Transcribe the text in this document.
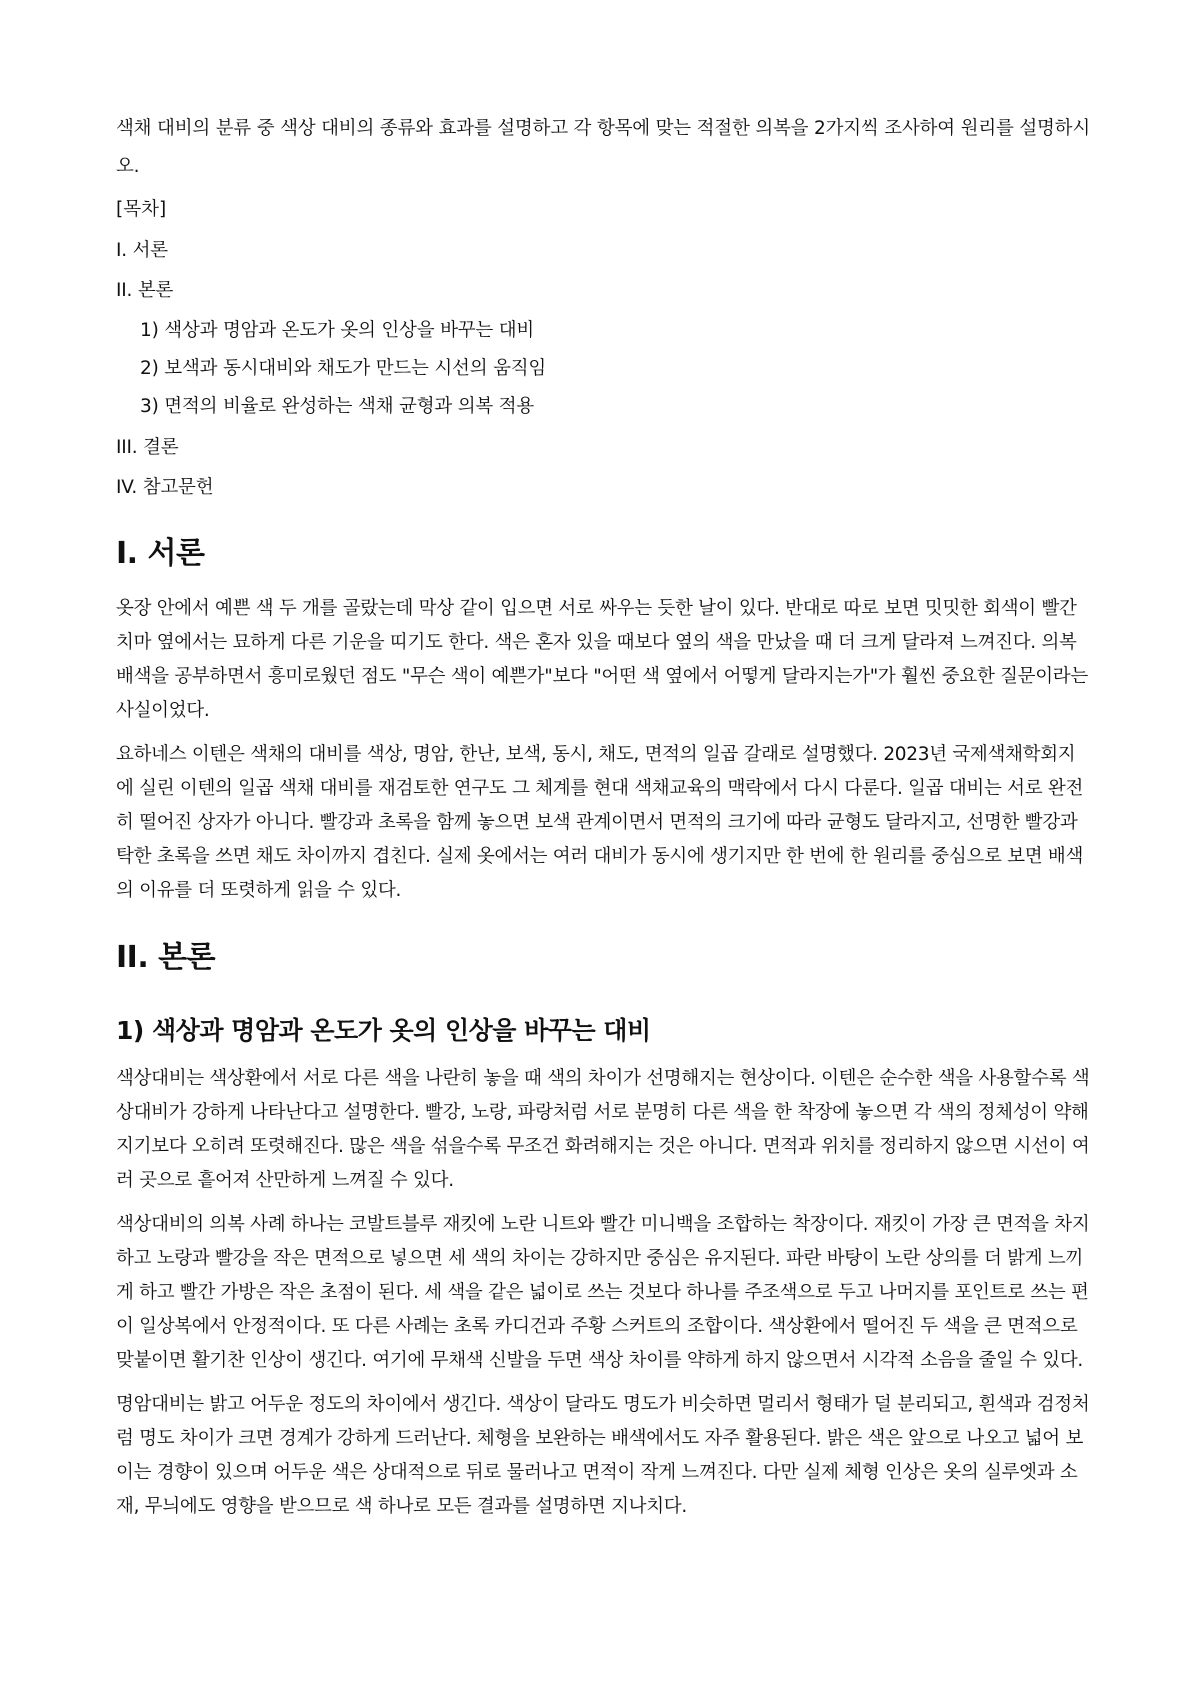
색채 대비의 분류 중 색상 대비의 종류와 효과를 설명하고 각 항목에 맞는 적절한 의복을 2가지씩 조사하여 원리를 설명하시오.

[목차]
I. 서론
II. 본론
1) 색상과 명암과 온도가 옷의 인상을 바꾸는 대비
2) 보색과 동시대비와 채도가 만드는 시선의 움직임
3) 면적의 비율로 완성하는 색채 균형과 의복 적용
III. 결론
IV. 참고문헌
I. 서론

옷장 안에서 예쁜 색 두 개를 골랐는데 막상 같이 입으면 서로 싸우는 듯한 날이 있다. 반대로 따로 보면 밋밋한 회색이 빨간 치마 옆에서는 묘하게 다른 기운을 띠기도 한다. 색은 혼자 있을 때보다 옆의 색을 만났을 때 더 크게 달라져 느껴진다. 의복 배색을 공부하면서 흥미로웠던 점도 "무슨 색이 예쁜가"보다 "어떤 색 옆에서 어떻게 달라지는가"가 훨씬 중요한 질문이라는 사실이었다.

요하네스 이텐은 색채의 대비를 색상, 명암, 한난, 보색, 동시, 채도, 면적의 일곱 갈래로 설명했다. 2023년 국제색채학회지에 실린 이텐의 일곱 색채 대비를 재검토한 연구도 그 체계를 현대 색채교육의 맥락에서 다시 다룬다. 일곱 대비는 서로 완전히 떨어진 상자가 아니다. 빨강과 초록을 함께 놓으면 보색 관계이면서 면적의 크기에 따라 균형도 달라지고, 선명한 빨강과 탁한 초록을 쓰면 채도 차이까지 겹친다. 실제 옷에서는 여러 대비가 동시에 생기지만 한 번에 한 원리를 중심으로 보면 배색의 이유를 더 또렷하게 읽을 수 있다.

II. 본론
1) 색상과 명암과 온도가 옷의 인상을 바꾸는 대비

색상대비는 색상환에서 서로 다른 색을 나란히 놓을 때 색의 차이가 선명해지는 현상이다. 이텐은 순수한 색을 사용할수록 색상대비가 강하게 나타난다고 설명한다. 빨강, 노랑, 파랑처럼 서로 분명히 다른 색을 한 착장에 놓으면 각 색의 정체성이 약해지기보다 오히려 또렷해진다. 많은 색을 섞을수록 무조건 화려해지는 것은 아니다. 면적과 위치를 정리하지 않으면 시선이 여러 곳으로 흩어져 산만하게 느껴질 수 있다.

색상대비의 의복 사례 하나는 코발트블루 재킷에 노란 니트와 빨간 미니백을 조합하는 착장이다. 재킷이 가장 큰 면적을 차지하고 노랑과 빨강을 작은 면적으로 넣으면 세 색의 차이는 강하지만 중심은 유지된다. 파란 바탕이 노란 상의를 더 밝게 느끼게 하고 빨간 가방은 작은 초점이 된다. 세 색을 같은 넓이로 쓰는 것보다 하나를 주조색으로 두고 나머지를 포인트로 쓰는 편이 일상복에서 안정적이다. 또 다른 사례는 초록 카디건과 주황 스커트의 조합이다. 색상환에서 떨어진 두 색을 큰 면적으로 맞붙이면 활기찬 인상이 생긴다. 여기에 무채색 신발을 두면 색상 차이를 약하게 하지 않으면서 시각적 소음을 줄일 수 있다.

명암대비는 밝고 어두운 정도의 차이에서 생긴다. 색상이 달라도 명도가 비슷하면 멀리서 형태가 덜 분리되고, 흰색과 검정처럼 명도 차이가 크면 경계가 강하게 드러난다. 체형을 보완하는 배색에서도 자주 활용된다. 밝은 색은 앞으로 나오고 넓어 보이는 경향이 있으며 어두운 색은 상대적으로 뒤로 물러나고 면적이 작게 느껴진다. 다만 실제 체형 인상은 옷의 실루엣과 소재, 무늬에도 영향을 받으므로 색 하나로 모든 결과를 설명하면 지나치다.
